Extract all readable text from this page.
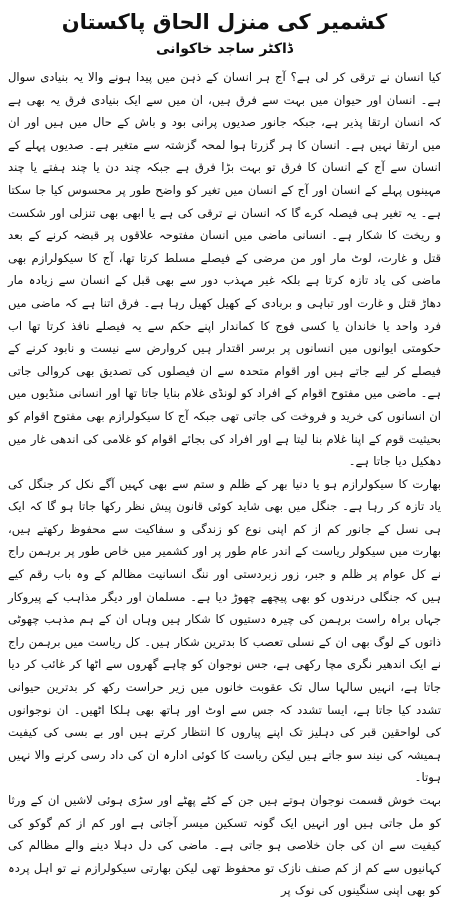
کشمیر کی منزل الحاق پاکستان
ڈاکٹر ساجد خاکوانی

کیا انسان نے ترقی کر لی ہے؟ آج ہر انسان کے ذہن میں پیدا ہونے والا یہ بنیادی سوال ہے۔ انسان اور حیوان میں بہت سے فرق ہیں، ان میں سے ایک بنیادی فرق یہ بھی ہے کہ انسان ارتقا پذیر ہے، جبکہ جانور صدیوں پرانی بود و باش کے حال میں ہیں اور ان میں ارتقا نہیں ہے۔ انسان کا ہر گزرتا ہوا لمحہ گزشتہ سے متغیر ہے۔ صدیوں پہلے کے انسان سے آج کے انسان کا فرق تو بہت بڑا فرق ہے جبکہ چند دن یا چند ہفتے یا چند مہینوں پہلے کے انسان اور آج کے انسان میں تغیر کو واضح طور پر محسوس کیا جا سکتا ہے۔ یہ تغیر ہی فیصلہ کرے گا کہ انسان نے ترقی کی ہے یا ابھی بھی تنزلی اور شکست و ریخت کا شکار ہے۔ انسانی ماضی میں انسان مفتوحہ علاقوں پر قبضہ کرنے کے بعد قتل و غارت، لوٹ مار اور من مرضی کے فیصلے مسلط کرتا تھا، آج کا سیکولرازم بھی ماضی کی یاد تازہ کرتا ہے بلکہ غیر مہذب دور سے بھی قبل کے انسان سے زیادہ مار دھاڑ قتل و غارت اور تباہی و بربادی کے کھیل کھیل رہا ہے۔ فرق اتنا ہے کہ ماضی میں فرد واحد یا خاندان یا کسی فوج کا کماندار اپنے حکم سے یہ فیصلے نافذ کرتا تھا اب حکومتی ایوانوں میں انسانوں پر برسر اقتدار ہیں کروارض سے نیست و نابود کرنے کے فیصلے کر لیے جاتے ہیں اور اقوام متحدہ سے ان فیصلوں کی تصدیق بھی کروالی جاتی ہے۔ ماضی میں مفتوح اقوام کے افراد کو لونڈی غلام بنایا جاتا تھا اور انسانی منڈیوں میں ان انسانوں کی خرید و فروخت کی جاتی تھی جبکہ آج کا سیکولرازم بھی مفتوح اقوام کو بحیثیت قوم کے اپنا غلام بنا لیتا ہے اور افراد کی بجائے اقوام کو غلامی کی اندھی غار میں دھکیل دیا جاتا ہے۔

بھارت کا سیکولرازم ہو یا دنیا بھر کے ظلم و ستم سے بھی کہیں آگے نکل کر جنگل کی یاد تازہ کر رہا ہے۔ جنگل میں بھی شاید کوئی قانون پیش نظر رکھا جاتا ہو گا کہ ایک ہی نسل کے جانور کم از کم اپنی نوع کو زندگی و سفاکیت سے محفوظ رکھتے ہیں، بھارت میں سیکولر ریاست کے اندر عام طور پر اور کشمیر میں خاص طور پر برہمن راج نے کل عوام پر ظلم و جبر، زور زبردستی اور ننگ انسانیت مظالم کے وہ باب رقم کیے ہیں کہ جنگلی درندوں کو بھی پیچھے چھوڑ دیا ہے۔ مسلمان اور دیگر مذاہب کے پیروکار جہاں براہ راست برہمن کی چیرہ دستیوں کا شکار ہیں وہاں ان کے ہم مذہب چھوٹی ذاتوں کے لوگ بھی ان کے نسلی تعصب کا بدترین شکار ہیں۔ کل ریاست میں برہمن راج نے ایک اندھیر نگری مچا رکھی ہے، جس نوجوان کو چاہے گھروں سے اٹھا کر غائب کر دیا جاتا ہے، انہیں سالہا سال تک عقوبت خانوں میں زیر حراست رکھ کر بدترین حیوانی تشدد کیا جاتا ہے، ایسا تشدد کہ جس سے اوٹ اور ہاتھ بھی ہلکا اٹھیں۔ ان نوجوانوں کی لواحقین قبر کی دہلیز تک اپنے پیاروں کا انتظار کرتے ہیں اور بے بسی کی کیفیت ہمیشہ کی نیند سو جاتے ہیں لیکن ریاست کا کوئی ادارہ ان کی داد رسی کرنے والا نہیں ہوتا۔

بہت خوش قسمت نوجوان ہوتے ہیں جن کے کٹے پھٹے اور سڑی ہوئی لاشیں ان کے ورثا کو مل جاتی ہیں اور انہیں ایک گونہ تسکین میسر آجاتی ہے اور کم از کم گوکو کی کیفیت سے ان کی جان خلاصی ہو جاتی ہے۔ ماضی کی دل دہلا دینے والے مظالم کی کہانیوں سے کم از کم صنف نازک تو محفوظ تھی لیکن بھارتی سیکولرازم نے تو اہل پردہ کو بھی اپنی سنگینوں کی نوک پر
